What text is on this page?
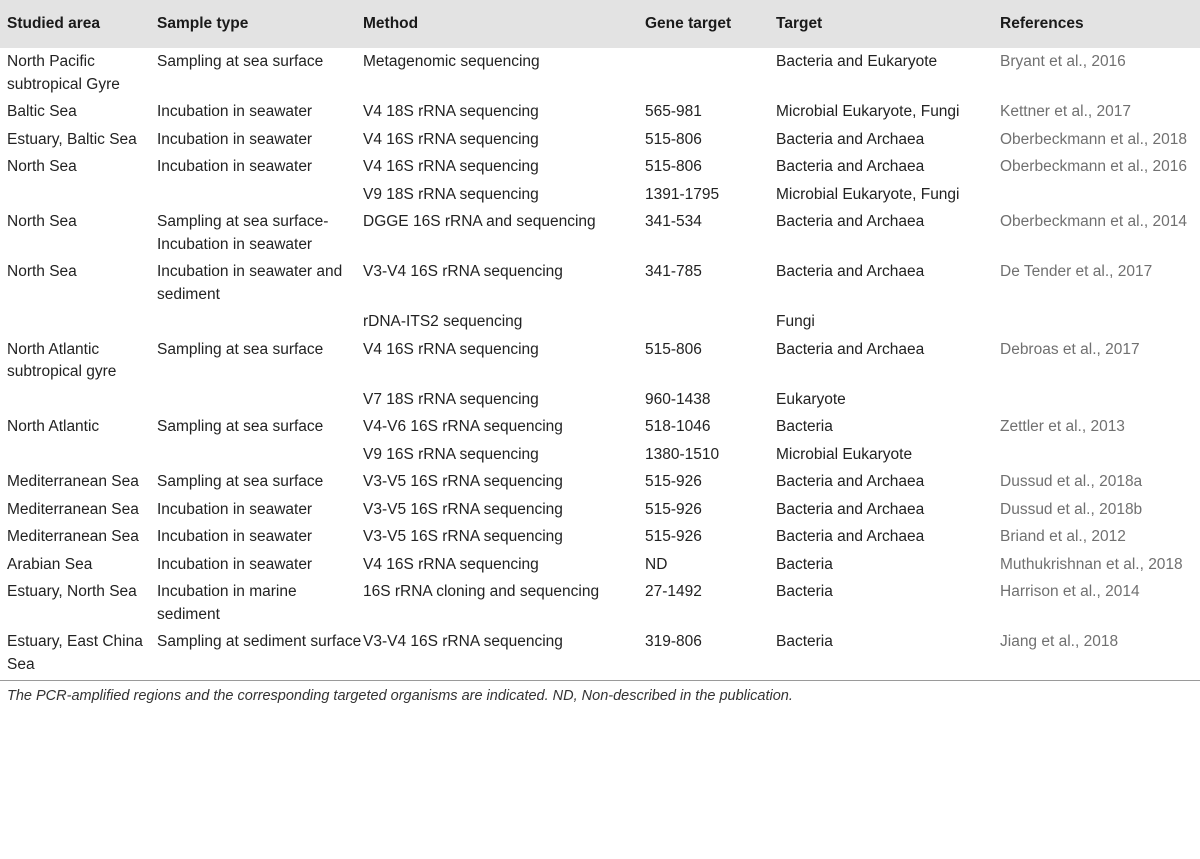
Studied area	Sample type	Method	Gene target	Target	References
North Pacific subtropical Gyre	Sampling at sea surface	Metagenomic sequencing		Bacteria and Eukaryote	Bryant et al., 2016
Baltic Sea	Incubation in seawater	V4 18S rRNA sequencing	565-981	Microbial Eukaryote, Fungi	Kettner et al., 2017
Estuary, Baltic Sea	Incubation in seawater	V4 16S rRNA sequencing	515-806	Bacteria and Archaea	Oberbeckmann et al., 2018
North Sea	Incubation in seawater	V4 16S rRNA sequencing	515-806	Bacteria and Archaea	Oberbeckmann et al., 2016
		V9 18S rRNA sequencing	1391-1795	Microbial Eukaryote, Fungi	
North Sea	Sampling at sea surface- Incubation in seawater	DGGE 16S rRNA and sequencing	341-534	Bacteria and Archaea	Oberbeckmann et al., 2014
North Sea	Incubation in seawater and sediment	V3-V4 16S rRNA sequencing	341-785	Bacteria and Archaea	De Tender et al., 2017
		rDNA-ITS2 sequencing		Fungi	
North Atlantic subtropical gyre	Sampling at sea surface	V4 16S rRNA sequencing	515-806	Bacteria and Archaea	Debroas et al., 2017
		V7 18S rRNA sequencing	960-1438	Eukaryote	
North Atlantic	Sampling at sea surface	V4-V6 16S rRNA sequencing	518-1046	Bacteria	Zettler et al., 2013
		V9 16S rRNA sequencing	1380-1510	Microbial Eukaryote	
Mediterranean Sea	Sampling at sea surface	V3-V5 16S rRNA sequencing	515-926	Bacteria and Archaea	Dussud et al., 2018a
Mediterranean Sea	Incubation in seawater	V3-V5 16S rRNA sequencing	515-926	Bacteria and Archaea	Dussud et al., 2018b
Mediterranean Sea	Incubation in seawater	V3-V5 16S rRNA sequencing	515-926	Bacteria and Archaea	Briand et al., 2012
Arabian Sea	Incubation in seawater	V4 16S rRNA sequencing	ND	Bacteria	Muthukrishnan et al., 2018
Estuary, North Sea	Incubation in marine sediment	16S rRNA cloning and sequencing	27-1492	Bacteria	Harrison et al., 2014
Estuary, East China Sea	Sampling at sediment surface	V3-V4 16S rRNA sequencing	319-806	Bacteria	Jiang et al., 2018
The PCR-amplified regions and the corresponding targeted organisms are indicated. ND, Non-described in the publication.
